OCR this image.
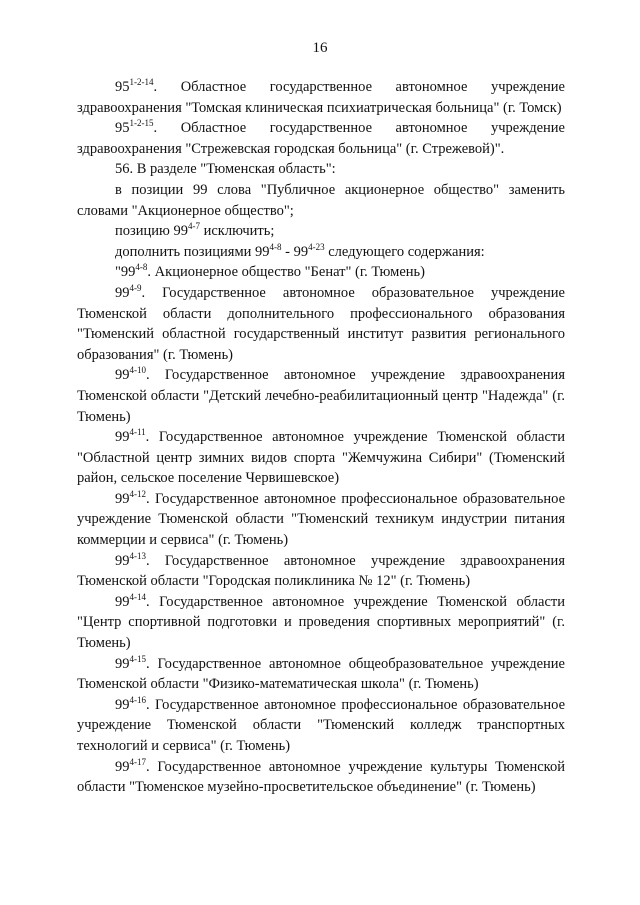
16

95$^{1-2-14}$. Областное государственное автономное учреждение здравоохранения "Томская клиническая психиатрическая больница" (г. Томск)

95$^{1-2-15}$. Областное государственное автономное учреждение здравоохранения "Стрежевская городская больница" (г. Стрежевой)".

56. В разделе "Тюменская область":

в позиции 99 слова "Публичное акционерное общество" заменить словами "Акционерное общество";

позицию 99$^{4-7}$ исключить;

дополнить позициями 99$^{4-8}$ - 99$^{4-23}$ следующего содержания:

"99$^{4-8}$. Акционерное общество "Бенат" (г. Тюмень)

99$^{4-9}$. Государственное автономное образовательное учреждение Тюменской области дополнительного профессионального образования "Тюменский областной государственный институт развития регионального образования" (г. Тюмень)

99$^{4-10}$. Государственное автономное учреждение здравоохранения Тюменской области "Детский лечебно-реабилитационный центр "Надежда" (г. Тюмень)

99$^{4-11}$. Государственное автономное учреждение Тюменской области "Областной центр зимних видов спорта "Жемчужина Сибири" (Тюменский район, сельское поселение Червишевское)

99$^{4-12}$. Государственное автономное профессиональное образовательное учреждение Тюменской области "Тюменский техникум индустрии питания коммерции и сервиса" (г. Тюмень)

99$^{4-13}$. Государственное автономное учреждение здравоохранения Тюменской области "Городская поликлиника № 12" (г. Тюмень)

99$^{4-14}$. Государственное автономное учреждение Тюменской области "Центр спортивной подготовки и проведения спортивных мероприятий" (г. Тюмень)

99$^{4-15}$. Государственное автономное общеобразовательное учреждение Тюменской области "Физико-математическая школа" (г. Тюмень)

99$^{4-16}$. Государственное автономное профессиональное образовательное учреждение Тюменской области "Тюменский колледж транспортных технологий и сервиса" (г. Тюмень)

99$^{4-17}$. Государственное автономное учреждение культуры Тюменской области "Тюменское музейно-просветительское объединение" (г. Тюмень)
